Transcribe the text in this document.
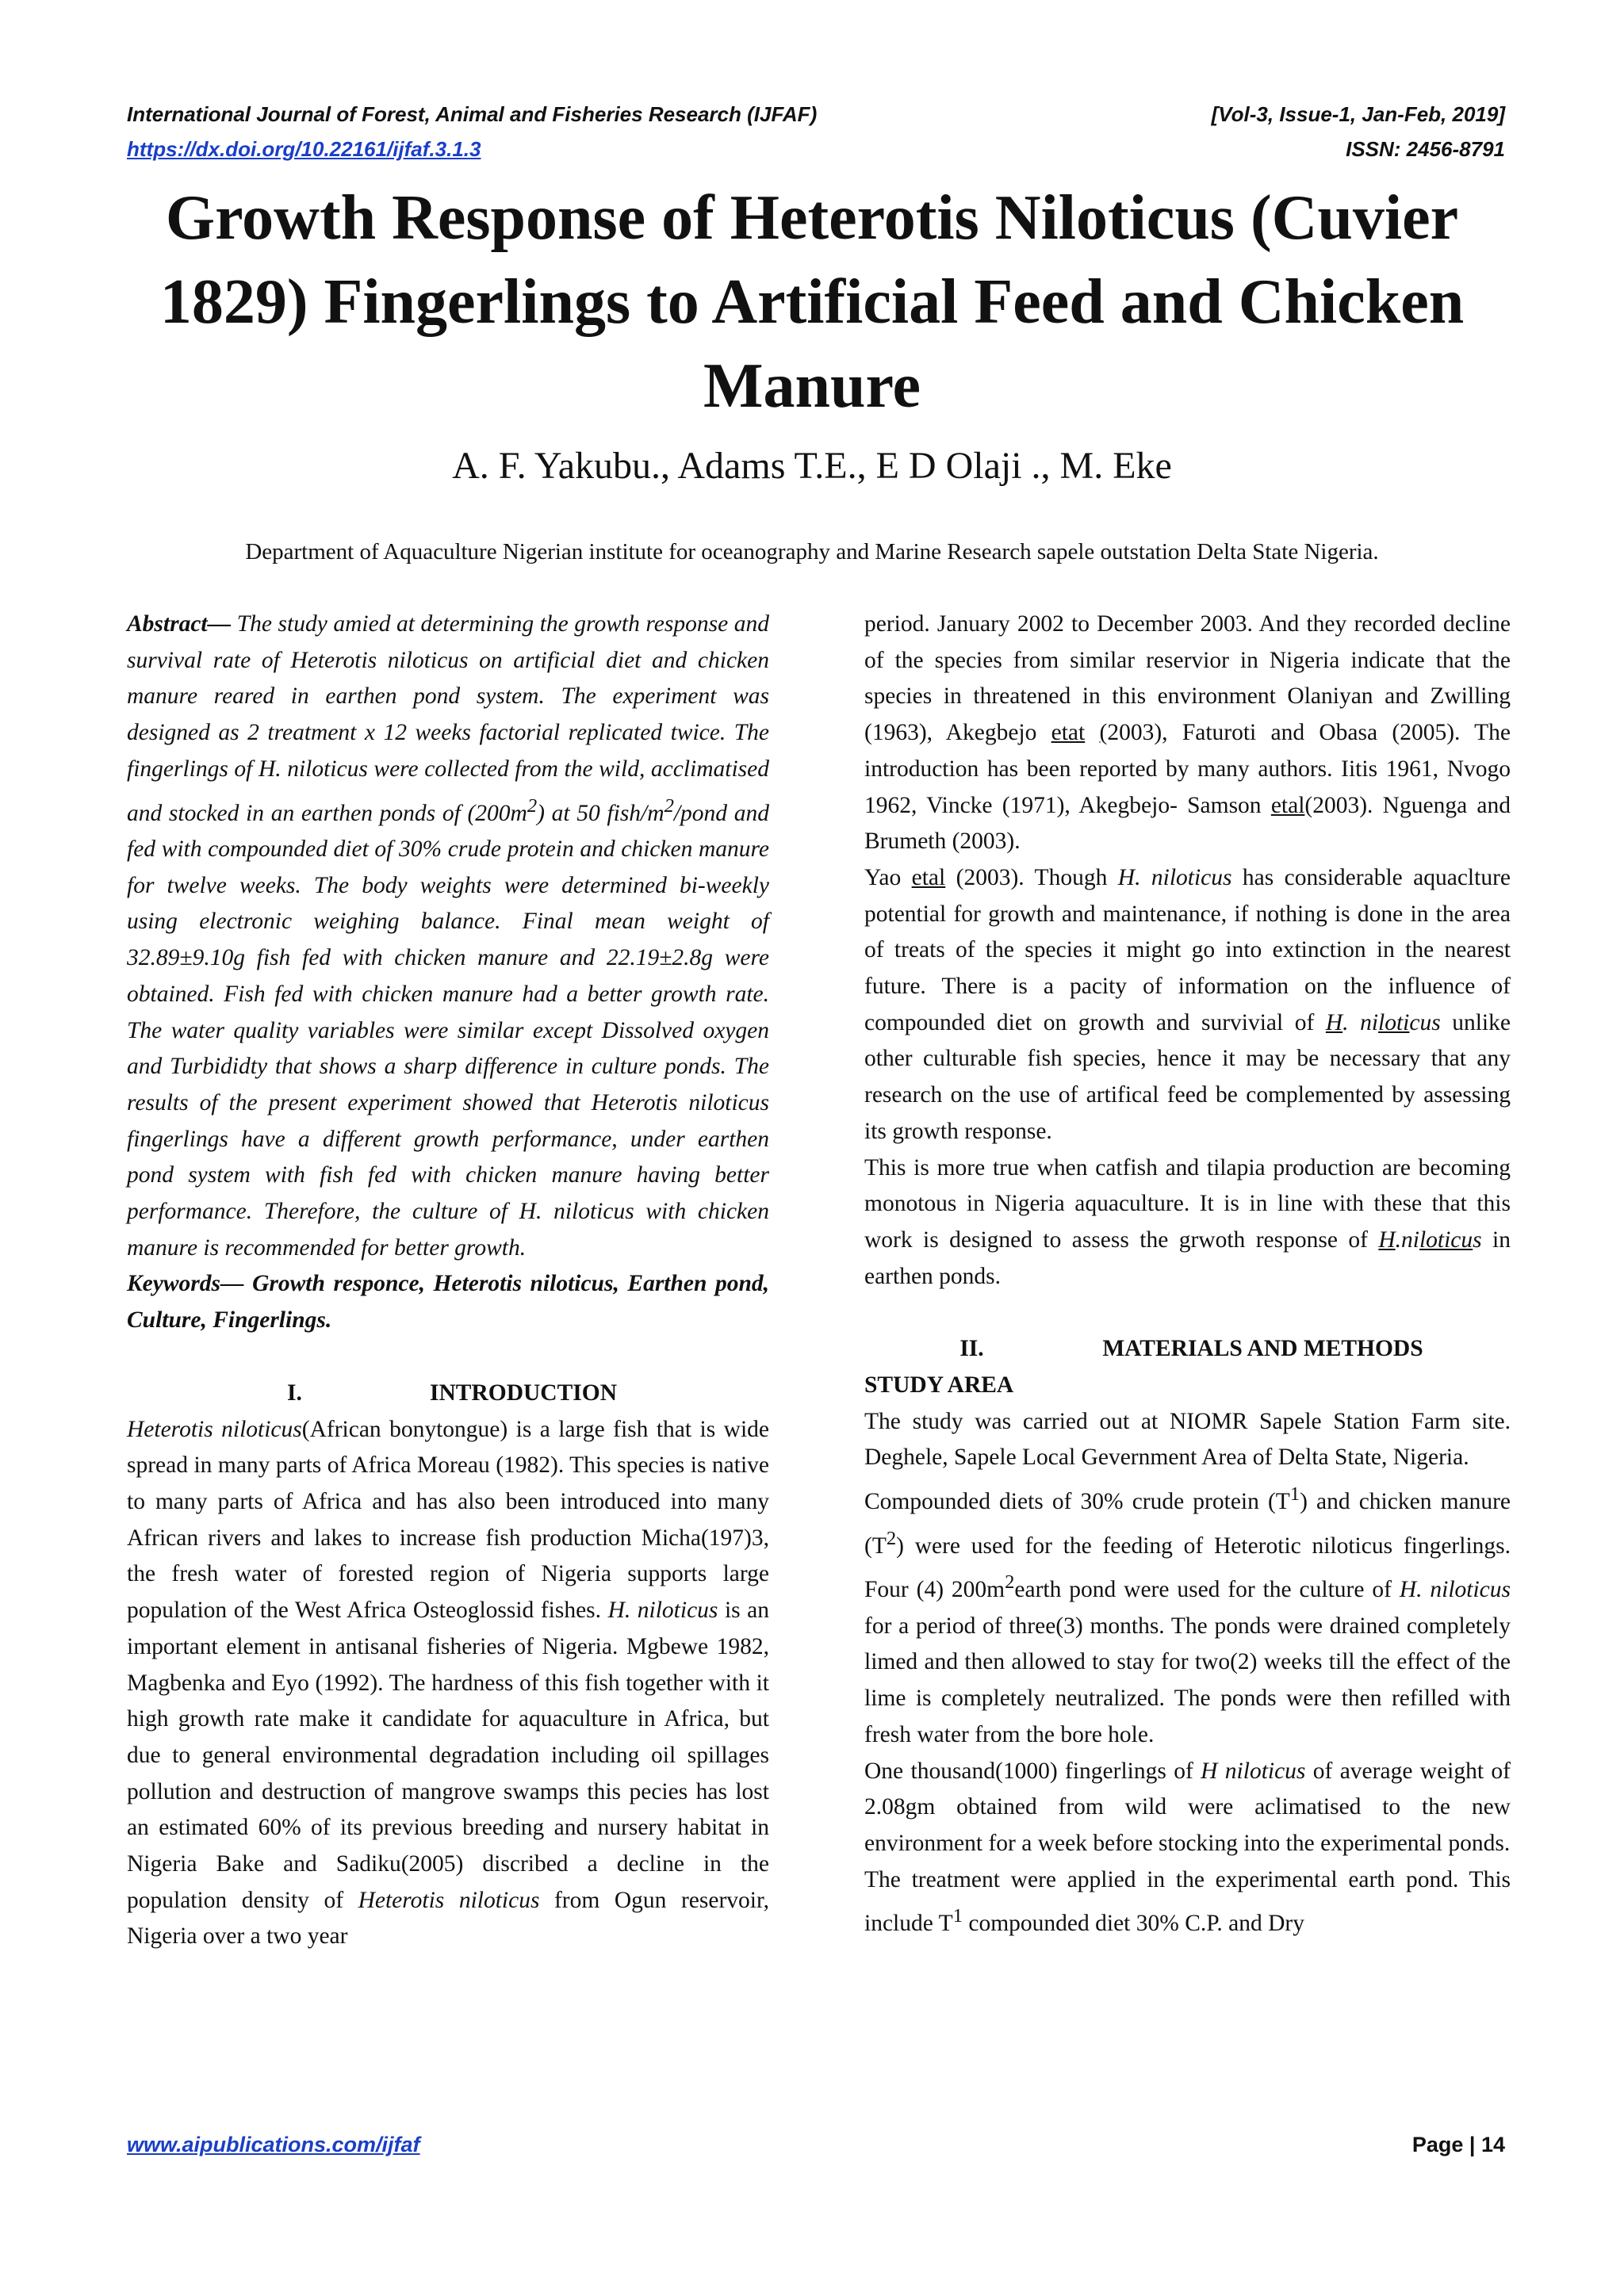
International Journal of Forest, Animal and Fisheries Research (IJFAF)	[Vol-3, Issue-1, Jan-Feb, 2019]
https://dx.doi.org/10.22161/ijfaf.3.1.3	ISSN: 2456-8791
Growth Response of Heterotis Niloticus (Cuvier 1829) Fingerlings to Artificial Feed and Chicken Manure
A. F. Yakubu., Adams T.E., E D Olaji ., M. Eke
Department of Aquaculture Nigerian institute for oceanography and Marine Research sapele outstation Delta State Nigeria.

Abstract— The study amied at determining the growth response and survival rate of Heterotis niloticus on artificial diet and chicken manure reared in earthen pond system. The experiment was designed as 2 treatment x 12 weeks factorial replicated twice. The fingerlings of H. niloticus were collected from the wild, acclimatised and stocked in an earthen ponds of $(200m^2)$ at 50 fish/$m^2$/pond and fed with compounded diet of 30% crude protein and chicken manure for twelve weeks. The body weights were determined bi-weekly using electronic weighing balance. Final mean weight of 32.89±9.10g fish fed with chicken manure and 22.19±2.8g were obtained. Fish fed with chicken manure had a better growth rate. The water quality variables were similar except Dissolved oxygen and Turbididty that shows a sharp difference in culture ponds. The results of the present experiment showed that Heterotis niloticus fingerlings have a different growth performance, under earthen pond system with fish fed with chicken manure having better performance. Therefore, the culture of H. niloticus with chicken manure is recommended for better growth.

Keywords— Growth responce, Heterotis niloticus, Earthen pond, Culture, Fingerlings.

I.	INTRODUCTION

Heterotis niloticus(African bonytongue) is a large fish that is wide spread in many parts of Africa Moreau (1982). This species is native to many parts of Africa and has also been introduced into many African rivers and lakes to increase fish production Micha(197)3, the fresh water of forested region of Nigeria supports large population of the West Africa Osteoglossid fishes. H. niloticus is an important element in antisanal fisheries of Nigeria. Mgbewe 1982, Magbenka and Eyo (1992). The hardness of this fish together with it high growth rate make it candidate for aquaculture in Africa, but due to general environmental degradation including oil spillages pollution and destruction of mangrove swamps this pecies has lost an estimated 60% of its previous breeding and nursery habitat in Nigeria Bake and Sadiku(2005) discribed a decline in the population density of Heterotis niloticus from Ogun reservoir, Nigeria over a two year

period. January 2002 to December 2003. And they recorded decline of the species from similar reservior in Nigeria indicate that the species in threatened in this environment Olaniyan and Zwilling (1963), Akegbejo etat (2003), Faturoti and Obasa (2005). The introduction has been reported by many authors. Iitis 1961, Nvogo 1962, Vincke (1971), Akegbejo- Samson etal(2003). Nguenga and Brumeth (2003).

Yao etal (2003). Though H. niloticus has considerable aquaclture potential for growth and maintenance, if nothing is done in the area of treats of the species it might go into extinction in the nearest future. There is a pacity of information on the influence of compounded diet on growth and survivial of H. niloticus unlike other culturable fish species, hence it may be necessary that any research on the use of artifical feed be complemented by assessing its growth response.

This is more true when catfish and tilapia production are becoming monotous in Nigeria aquaculture. It is in line with these that this work is designed to assess the grwoth response of H.niloticus in earthen ponds.

II.	MATERIALS AND METHODS

STUDY AREA

The study was carried out at NIOMR Sapele Station Farm site. Deghele, Sapele Local Gevernment Area of Delta State, Nigeria.

Compounded diets of 30% crude protein $(T^1)$ and chicken manure $(T^2)$ were used for the feeding of Heterotic niloticus fingerlings. Four (4) $200m^2earth$ pond were used for the culture of H. niloticus for a period of three(3) months. The ponds were drained completely limed and then allowed to stay for two(2) weeks till the effect of the lime is completely neutralized. The ponds were then refilled with fresh water from the bore hole.

One thousand(1000) fingerlings of H niloticus of average weight of 2.08gm obtained from wild were aclimatised to the new environment for a week before stocking into the experimental ponds.

The treatment were applied in the experimental earth pond. This include $T^1$ compounded diet 30% C.P. and Dry

www.aipublications.com/ijfaf	Page | 14
